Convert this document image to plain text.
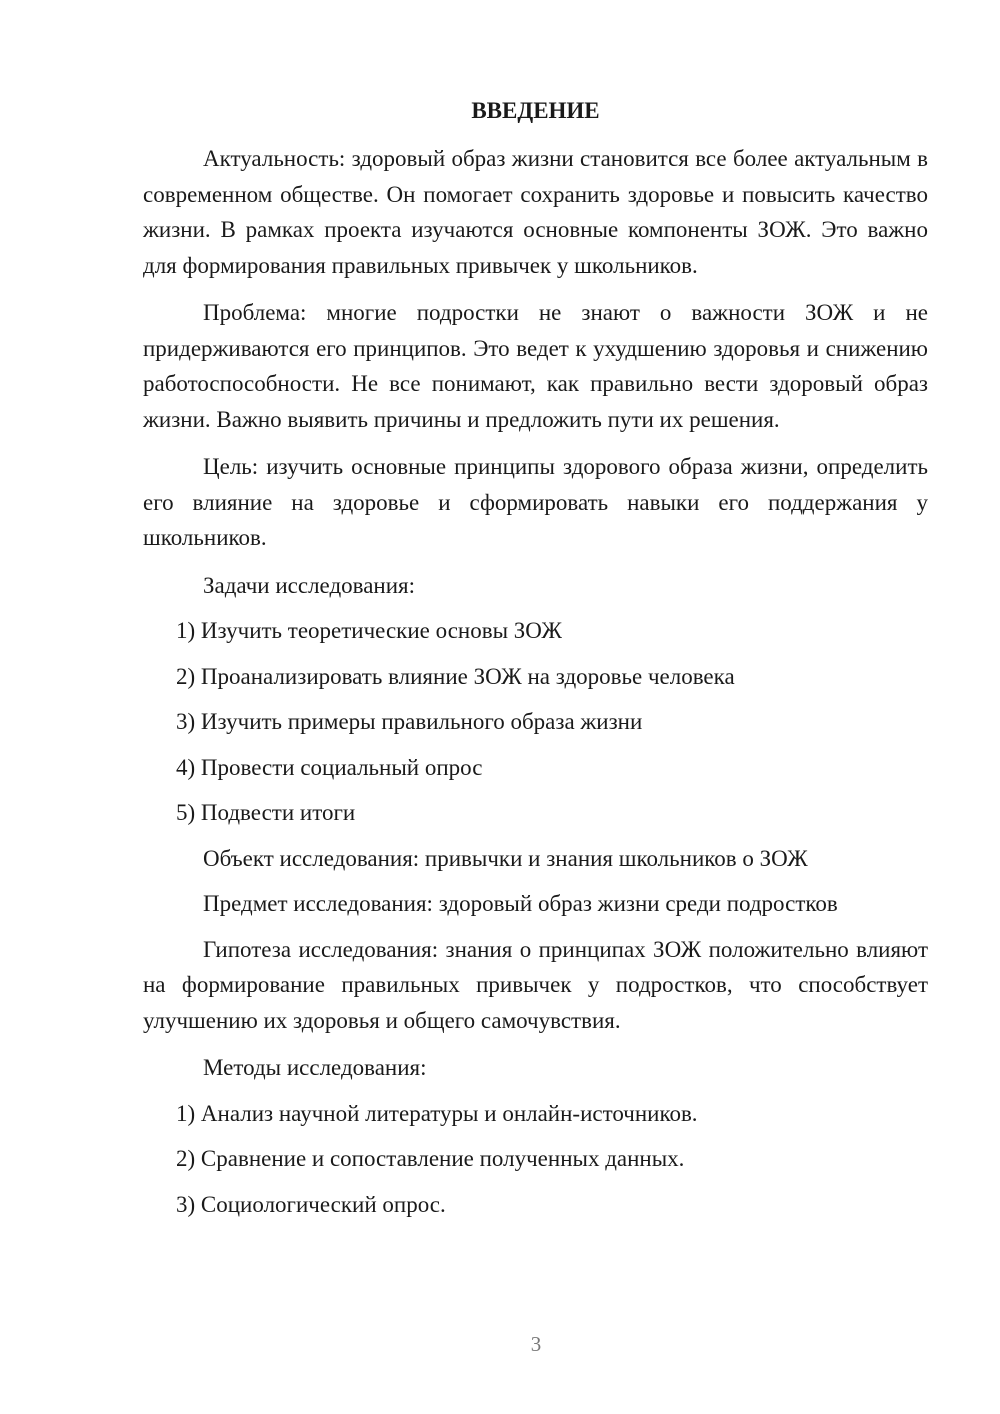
ВВЕДЕНИЕ

Актуальность: здоровый образ жизни становится все более актуальным в современном обществе. Он помогает сохранить здоровье и повысить качество жизни. В рамках проекта изучаются основные компоненты ЗОЖ. Это важно для формирования правильных привычек у школьников.

Проблема: многие подростки не знают о важности ЗОЖ и не придерживаются его принципов. Это ведет к ухудшению здоровья и снижению работоспособности. Не все понимают, как правильно вести здоровый образ жизни. Важно выявить причины и предложить пути их решения.

Цель: изучить основные принципы здорового образа жизни, определить его влияние на здоровье и сформировать навыки его поддержания у школьников.

Задачи исследования:
1) Изучить теоретические основы ЗОЖ
2) Проанализировать влияние ЗОЖ на здоровье человека
3) Изучить примеры правильного образа жизни
4) Провести социальный опрос
5) Подвести итоги
Объект исследования: привычки и знания школьников о ЗОЖ
Предмет исследования: здоровый образ жизни среди подростков

Гипотеза исследования: знания о принципах ЗОЖ положительно влияют на формирование правильных привычек у подростков, что способствует улучшению их здоровья и общего самочувствия.

Методы исследования:
1) Анализ научной литературы и онлайн-источников.
2) Сравнение и сопоставление полученных данных.
3) Социологический опрос.
3
